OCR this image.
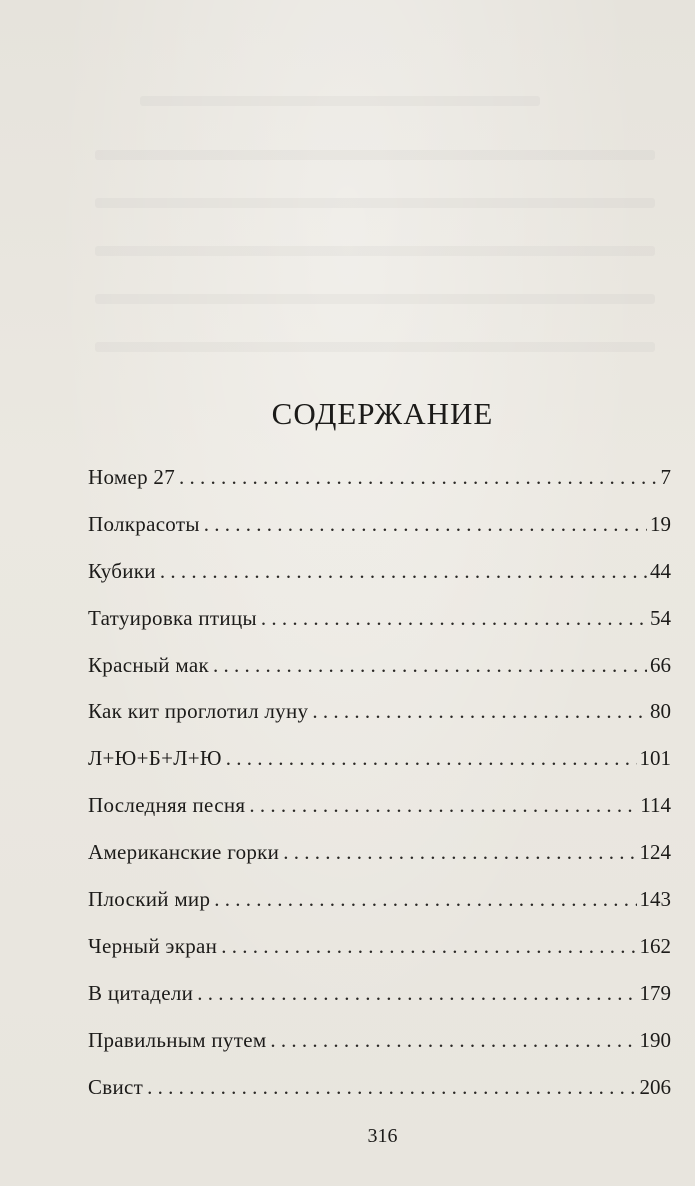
СОДЕРЖАНИЕ
Номер 27 . . .	7
Полкрасоты . . .	19
Кубики . . .	44
Татуировка птицы . . .	54
Красный мак . . .	66
Как кит проглотил луну . . .	80
Л+Ю+Б+Л+Ю . . .	101
Последняя песня . . .	114
Американские горки . . .	124
Плоский мир . . .	143
Черный экран . . .	162
В цитадели . . .	179
Правильным путем . . .	190
Свист . . .	206
316
